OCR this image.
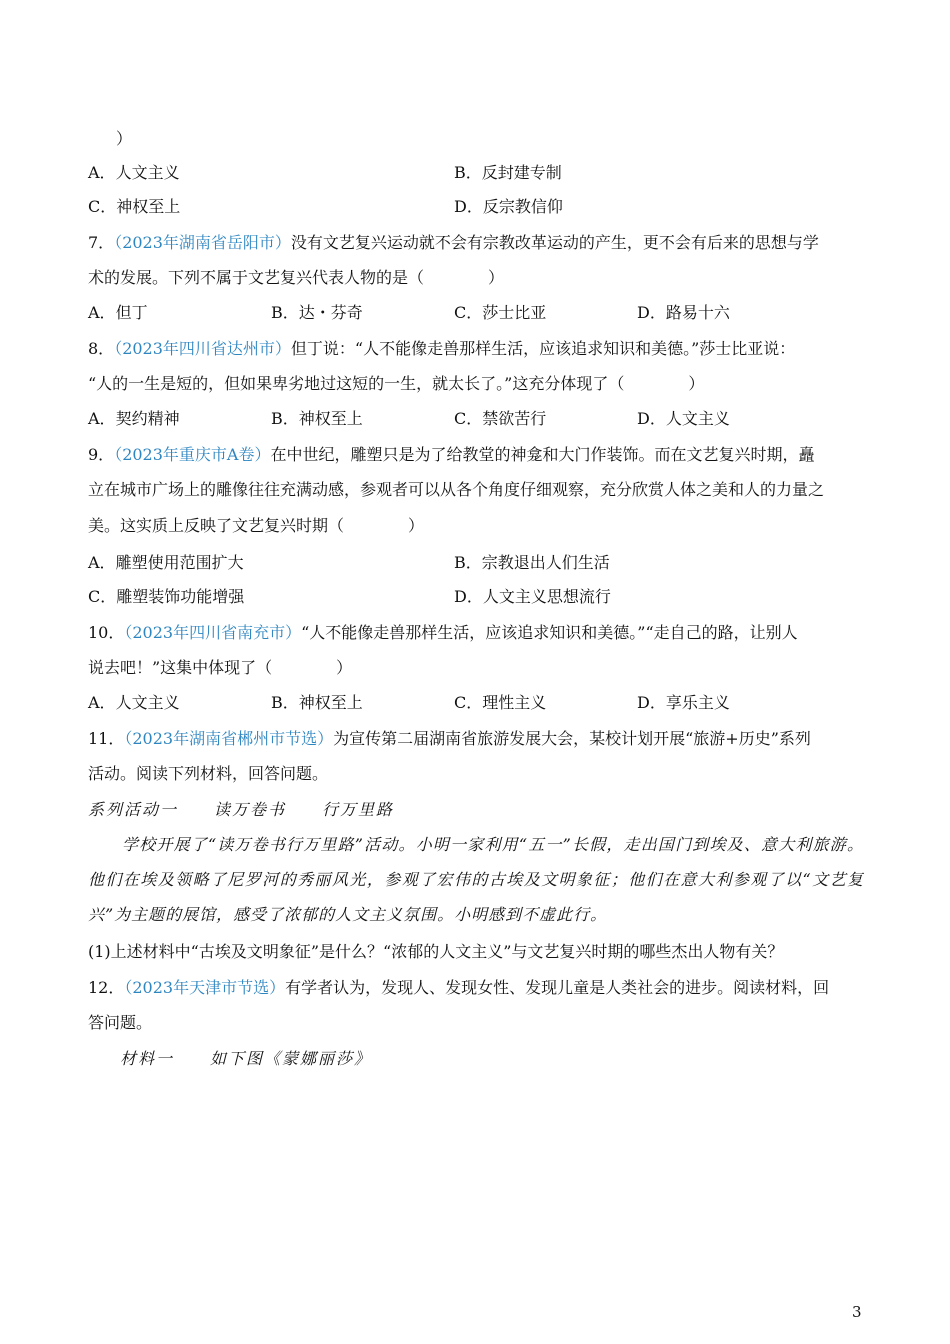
）
A．人文主义	B．反封建专制
C．神权至上	D．反宗教信仰
7．（2023年湖南省岳阳市）没有文艺复兴运动就不会有宗教改革运动的产生，更不会有后来的思想与学
术的发展。下列不属于文艺复兴代表人物的是（　　　　）
A．但丁	B．达・芬奇	C．莎士比亚	D．路易十六
8．（2023年四川省达州市）但丁说：“人不能像走兽那样生活，应该追求知识和美德。”莎士比亚说：
“人的一生是短的，但如果卑劣地过这短的一生，就太长了。”这充分体现了（　　　　）
A．契约精神	B．神权至上	C．禁欲苦行	D．人文主义
9．（2023年重庆市A卷）在中世纪，雕塑只是为了给教堂的神龛和大门作装饰。而在文艺复兴时期，矗
立在城市广场上的雕像往往充满动感，参观者可以从各个角度仔细观察，充分欣赏人体之美和人的力量之
美。这实质上反映了文艺复兴时期（　　　　）
A．雕塑使用范围扩大	B．宗教退出人们生活
C．雕塑装饰功能增强	D．人文主义思想流行
10．（2023年四川省南充市）“人不能像走兽那样生活，应该追求知识和美德。”“走自己的路，让别人
说去吧！”这集中体现了（　　　　）
A．人文主义	B．神权至上	C．理性主义	D．享乐主义
11．（2023年湖南省郴州市节选）为宣传第二届湖南省旅游发展大会，某校计划开展“旅游+历史”系列
活动。阅读下列材料，回答问题。
系列活动一　　读万卷书　　行万里路
学校开展了“读万卷书行万里路”活动。小明一家利用“五一”长假，走出国门到埃及、意大利旅游。他们在埃及领略了尼罗河的秀丽风光，参观了宏伟的古埃及文明象征；他们在意大利参观了以“文艺复兴”为主题的展馆，感受了浓郁的人文主义氛围。小明感到不虚此行。
(1)上述材料中“古埃及文明象征”是什么？“浓郁的人文主义”与文艺复兴时期的哪些杰出人物有关？
12．（2023年天津市节选）有学者认为，发现人、发现女性、发现儿童是人类社会的进步。阅读材料，回
答问题。
材料一　　如下图《蒙娜丽莎》
3
